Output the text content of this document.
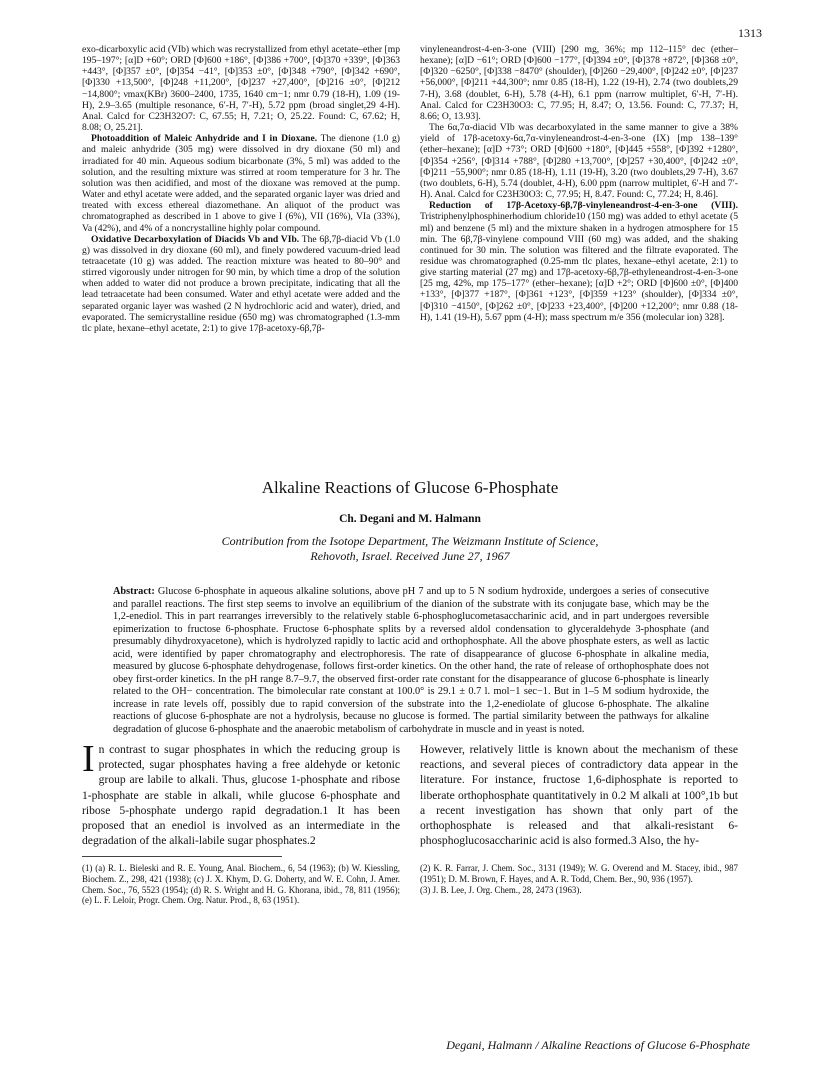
1313

exo-dicarboxylic acid (VIb) which was recrystallized from ethyl acetate–ether [mp 195–197°; [α]D +60°; ORD [Φ]600 +186°, [Φ]386 +700°, [Φ]370 +339°, [Φ]363 +443°, [Φ]357 ±0°, [Φ]354 −41°, [Φ]353 ±0°, [Φ]348 +790°, [Φ]342 +690°, [Φ]330 +13,500°, [Φ]248 +11,200°, [Φ]237 +27,400°, [Φ]216 ±0°, [Φ]212 −14,800°; νmax(KBr) 3600–2400, 1735, 1640 cm−1; nmr 0.79 (18-H), 1.09 (19-H), 2.9–3.65 (multiple resonance, 6′-H, 7′-H), 5.72 ppm (broad singlet,29 4-H). Anal. Calcd for C23H32O7: C, 67.55; H, 7.21; O, 25.22. Found: C, 67.62; H, 8.08; O, 25.21].

Photoaddition of Maleic Anhydride and I in Dioxane. The dienone (1.0 g) and maleic anhydride (305 mg) were dissolved in dry dioxane (50 ml) and irradiated for 40 min. Aqueous sodium bicarbonate (3%, 5 ml) was added to the solution, and the resulting mixture was stirred at room temperature for 3 hr. The solution was then acidified, and most of the dioxane was removed at the pump. Water and ethyl acetate were added, and the separated organic layer was dried and treated with excess ethereal diazomethane. An aliquot of the product was chromatographed as described in 1 above to give I (6%), VII (16%), VIa (33%), Va (42%), and 4% of a noncrystalline highly polar compound.

Oxidative Decarboxylation of Diacids Vb and VIb. The 6β,7β-diacid Vb (1.0 g) was dissolved in dry dioxane (60 ml), and finely powdered vacuum-dried lead tetraacetate (10 g) was added. The reaction mixture was heated to 80–90° and stirred vigorously under nitrogen for 90 min, by which time a drop of the solution when added to water did not produce a brown precipitate, indicating that all the lead tetraacetate had been consumed. Water and ethyl acetate were added and the separated organic layer was washed (2 N hydrochloric acid and water), dried, and evaporated. The semicrystalline residue (650 mg) was chromatographed (1.3-mm tlc plate, hexane–ethyl acetate, 2:1) to give 17β-acetoxy-6β,7β-

vinyleneandrost-4-en-3-one (VIII) [290 mg, 36%; mp 112–115° dec (ether–hexane); [α]D −61°; ORD [Φ]600 −177°, [Φ]394 ±0°, [Φ]378 +872°, [Φ]368 ±0°, [Φ]320 −6250°, [Φ]338 −8470° (shoulder), [Φ]260 −29,400°, [Φ]242 ±0°, [Φ]237 +56,000°, [Φ]211 +44,300°; nmr 0.85 (18-H), 1.22 (19-H), 2.74 (two doublets,29 7-H), 3.68 (doublet, 6-H), 5.78 (4-H), 6.1 ppm (narrow multiplet, 6′-H, 7′-H). Anal. Calcd for C23H30O3: C, 77.95; H, 8.47; O, 13.56. Found: C, 77.37; H, 8.66; O, 13.93].

The 6α,7α-diacid VIb was decarboxylated in the same manner to give a 38% yield of 17β-acetoxy-6α,7α-vinyleneandrost-4-en-3-one (IX) [mp 138–139° (ether–hexane); [α]D +73°; ORD [Φ]600 +180°, [Φ]445 +558°, [Φ]392 +1280°, [Φ]354 +256°, [Φ]314 +788°, [Φ]280 +13,700°, [Φ]257 +30,400°, [Φ]242 ±0°, [Φ]211 −55,900°; nmr 0.85 (18-H), 1.11 (19-H), 3.20 (two doublets,29 7-H), 3.67 (two doublets, 6-H), 5.74 (doublet, 4-H), 6.00 ppm (narrow multiplet, 6′-H and 7′-H). Anal. Calcd for C23H30O3: C, 77.95; H, 8.47. Found: C, 77.24; H, 8.46].

Reduction of 17β-Acetoxy-6β,7β-vinyleneandrost-4-en-3-one (VIII). Tristriphenylphosphinerhodium chloride10 (150 mg) was added to ethyl acetate (5 ml) and benzene (5 ml) and the mixture shaken in a hydrogen atmosphere for 15 min. The 6β,7β-vinylene compound VIII (60 mg) was added, and the shaking continued for 30 min. The solution was filtered and the filtrate evaporated. The residue was chromatographed (0.25-mm tlc plates, hexane–ethyl acetate, 2:1) to give starting material (27 mg) and 17β-acetoxy-6β,7β-ethyleneandrost-4-en-3-one [25 mg, 42%, mp 175–177° (ether–hexane); [α]D +2°; ORD [Φ]600 ±0°, [Φ]400 +133°, [Φ]377 +187°, [Φ]361 +123°, [Φ]359 +123° (shoulder), [Φ]334 ±0°, [Φ]310 −4150°, [Φ]262 ±0°, [Φ]233 +23,400°, [Φ]200 +12,200°; nmr 0.88 (18-H), 1.41 (19-H), 5.67 ppm (4-H); mass spectrum m/e 356 (molecular ion) 328].

Alkaline Reactions of Glucose 6-Phosphate
Ch. Degani and M. Halmann
Contribution from the Isotope Department, The Weizmann Institute of Science,
Rehovoth, Israel. Received June 27, 1967

Abstract: Glucose 6-phosphate in aqueous alkaline solutions, above pH 7 and up to 5 N sodium hydroxide, undergoes a series of consecutive and parallel reactions. The first step seems to involve an equilibrium of the dianion of the substrate with its conjugate base, which may be the 1,2-enediol. This in part rearranges irreversibly to the relatively stable 6-phosphoglucometasaccharinic acid, and in part undergoes reversible epimerization to fructose 6-phosphate. Fructose 6-phosphate splits by a reversed aldol condensation to glyceraldehyde 3-phosphate (and presumably dihydroxyacetone), which is hydrolyzed rapidly to lactic acid and orthophosphate. All the above phosphate esters, as well as lactic acid, were identified by paper chromatography and electrophoresis. The rate of disappearance of glucose 6-phosphate in alkaline media, measured by glucose 6-phosphate dehydrogenase, follows first-order kinetics. On the other hand, the rate of release of orthophosphate does not obey first-order kinetics. In the pH range 8.7–9.7, the observed first-order rate constant for the disappearance of glucose 6-phosphate is linearly related to the OH− concentration. The bimolecular rate constant at 100.0° is 29.1 ± 0.7 l. mol−1 sec−1. But in 1–5 M sodium hydroxide, the increase in rate levels off, possibly due to rapid conversion of the substrate into the 1,2-enediolate of glucose 6-phosphate. The alkaline reactions of glucose 6-phosphate are not a hydrolysis, because no glucose is formed. The partial similarity between the pathways for alkaline degradation of glucose 6-phosphate and the anaerobic metabolism of carbohydrate in muscle and in yeast is noted.

In contrast to sugar phosphates in which the reducing group is protected, sugar phosphates having a free aldehyde or ketonic group are labile to alkali. Thus, glucose 1-phosphate and ribose 1-phosphate are stable in alkali, while glucose 6-phosphate and ribose 5-phosphate undergo rapid degradation.1 It has been proposed that an enediol is involved as an intermediate in the degradation of the alkali-labile sugar phosphates.2

(1) (a) R. L. Bieleski and R. E. Young, Anal. Biochem., 6, 54 (1963); (b) W. Kiessling, Biochem. Z., 298, 421 (1938); (c) J. X. Khym, D. G. Doherty, and W. E. Cohn, J. Amer. Chem. Soc., 76, 5523 (1954); (d) R. S. Wright and H. G. Khorana, ibid., 78, 811 (1956); (e) L. F. Leloir, Progr. Chem. Org. Natur. Prod., 8, 63 (1951).

However, relatively little is known about the mechanism of these reactions, and several pieces of contradictory data appear in the literature. For instance, fructose 1,6-diphosphate is reported to liberate orthophosphate quantitatively in 0.2 M alkali at 100°,1b but a recent investigation has shown that only part of the orthophosphate is released and that alkali-resistant 6-phosphoglucosaccharinic acid is also formed.3 Also, the hy-

(2) K. R. Farrar, J. Chem. Soc., 3131 (1949); W. G. Overend and M. Stacey, ibid., 987 (1951); D. M. Brown, F. Hayes, and A. R. Todd, Chem. Ber., 90, 936 (1957).

(3) J. B. Lee, J. Org. Chem., 28, 2473 (1963).

Degani, Halmann / Alkaline Reactions of Glucose 6-Phosphate
